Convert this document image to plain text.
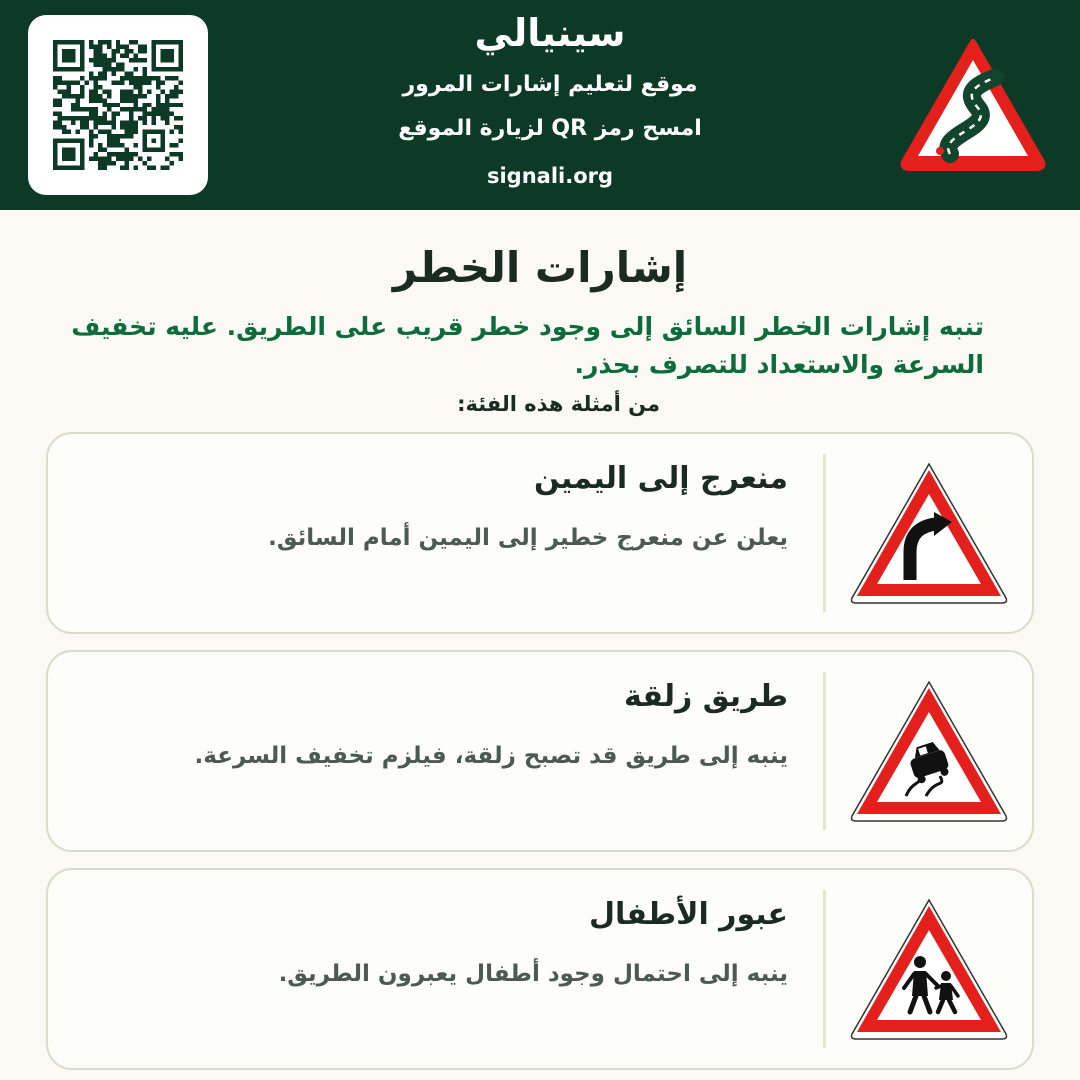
سينيالي
موقع لتعليم إشارات المرور
امسح رمز QR لزيارة الموقع
signali.org
إشارات الخطر

تنبه إشارات الخطر السائق إلى وجود خطر قريب على الطريق. عليه تخفيف السرعة والاستعداد للتصرف بحذر.

من أمثلة هذه الفئة:
منعرج إلى اليمين
يعلن عن منعرج خطير إلى اليمين أمام السائق.
طريق زلقة
ينبه إلى طريق قد تصبح زلقة، فيلزم تخفيف السرعة.
عبور الأطفال
ينبه إلى احتمال وجود أطفال يعبرون الطريق.
